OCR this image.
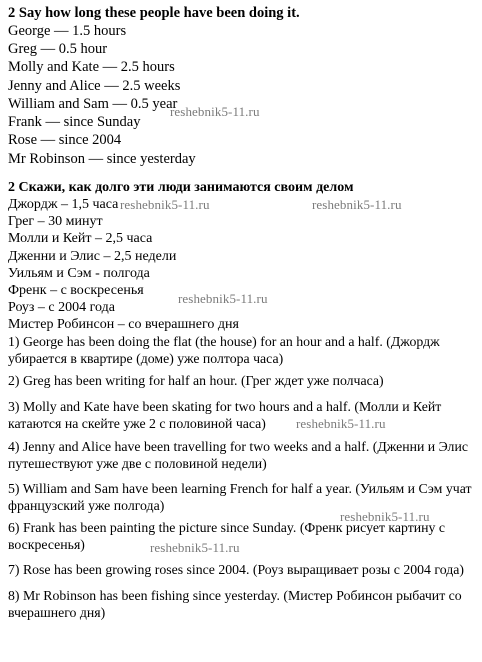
2 Say how long these people have been doing it.
George — 1.5 hours
Greg — 0.5 hour
Molly and Kate — 2.5 hours
Jenny and Alice — 2.5 weeks
William and Sam — 0.5 year
Frank — since Sunday
Rose — since 2004
Mr Robinson — since yesterday
2 Скажи, как долго эти люди занимаются своим делом
Джордж – 1,5 часа
Грег – 30 минут
Молли и Кейт – 2,5 часа
Дженни и Элис – 2,5 недели
Уильям и Сэм - полгода
Френк – с воскресенья
Роуз – с 2004 года
Мистер Робинсон – со вчерашнего дня
1) George has been doing the flat (the house) for an hour and a half. (Джордж убирается в квартире (доме) уже полтора часа)
2) Greg has been writing for half an hour. (Грег ждет уже полчаса)
3) Molly and Kate have been skating for two hours and a half. (Молли и Кейт катаются на скейте уже 2 с половиной часа)
4) Jenny and Alice have been travelling for two weeks and a half. (Дженни и Элис путешествуют уже две с половиной недели)
5) William and Sam have been learning French for half a year. (Уильям и Сэм учат французский уже полгода)
6) Frank has been painting the picture since Sunday. (Френк рисует картину с воскресенья)
7) Rose has been growing roses since 2004. (Роуз выращивает розы с 2004 года)
8) Mr Robinson has been fishing since yesterday. (Мистер Робинсон рыбачит со вчерашнего дня)
reshebnik5-11.ru
reshebnik5-11.ru	reshebnik5-11.ru
reshebnik5-11.ru
reshebnik5-11.ru
reshebnik5-11.ru
reshebnik5-11.ru
